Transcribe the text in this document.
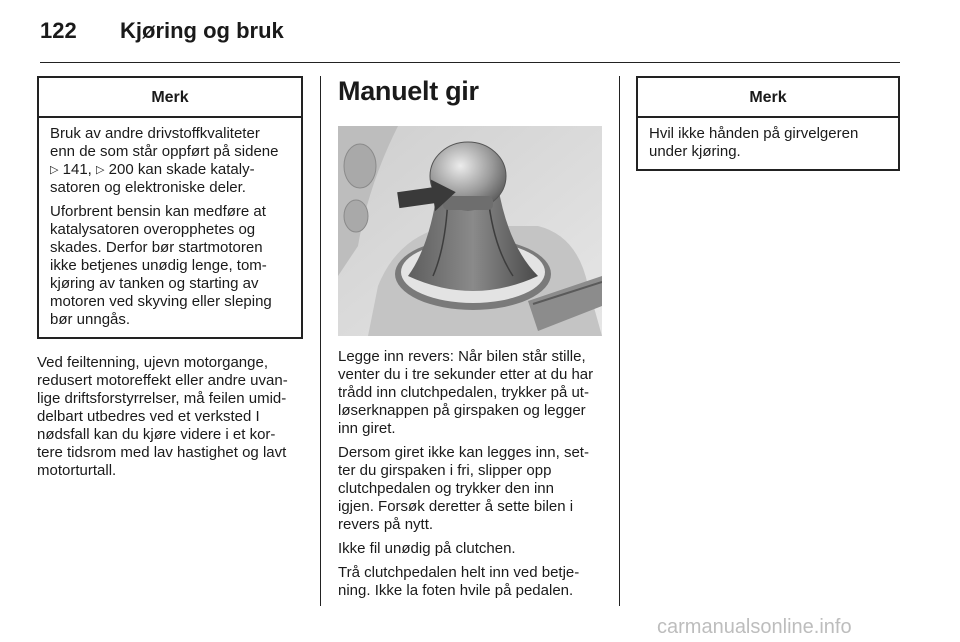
122 Kjøring og bruk
Merk

Bruk av andre drivstoffkvaliteter
enn de som står oppført på sidene
▷ 141, ▷ 200 kan skade kataly-
satoren og elektroniske deler.

Uforbrent bensin kan medføre at
katalysatoren overopphetes og
skades. Derfor bør startmotoren
ikke betjenes unødig lenge, tom-
kjøring av tanken og starting av
motoren ved skyving eller sleping
bør unngås.

Ved feiltenning, ujevn motorgange,
redusert motoreffekt eller andre uvan-
lige driftsforstyrrelser, må feilen umid-
delbart utbedres ved et verksted I
nødsfall kan du kjøre videre i et kor-
tere tidsrom med lav hastighet og lavt
motorturtall.

Manuelt gir

Legge inn revers: Når bilen står stille,
venter du i tre sekunder etter at du har
trådd inn clutchpedalen, trykker på ut-
løserknappen på girspaken og legger
inn giret.

Dersom giret ikke kan legges inn, set-
ter du girspaken i fri, slipper opp
clutchpedalen og trykker den inn
igjen. Forsøk deretter å sette bilen i
revers på nytt.

Ikke fil unødig på clutchen.

Trå clutchpedalen helt inn ved betje-
ning. Ikke la foten hvile på pedalen.

Merk

Hvil ikke hånden på girvelgeren
under kjøring.

carmanualsonline.info
